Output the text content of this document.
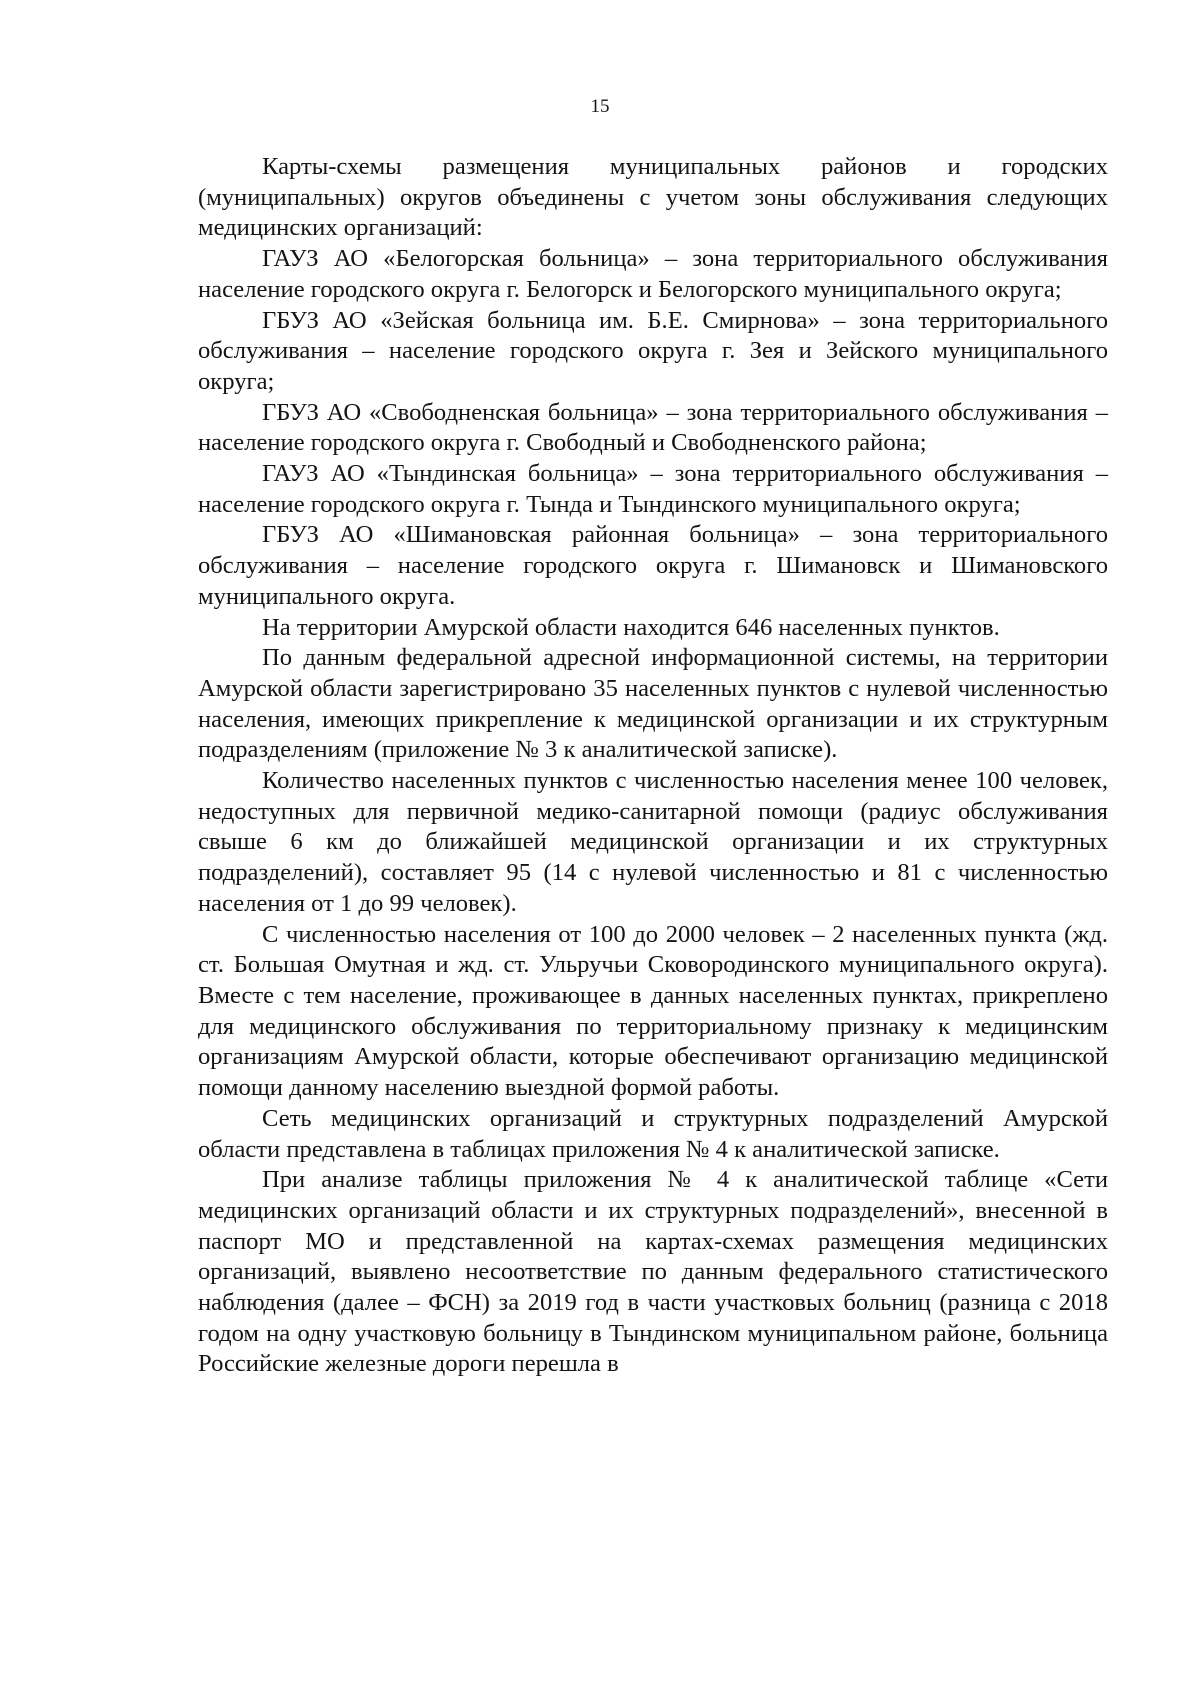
15

Карты-схемы размещения муниципальных районов и городских (муниципальных) округов объединены с учетом зоны обслуживания следующих медицинских организаций:

ГАУЗ АО «Белогорская больница» – зона территориального обслуживания население городского округа г. Белогорск и Белогорского муниципального округа;

ГБУЗ АО «Зейская больница им. Б.Е. Смирнова» – зона территориального обслуживания – население городского округа г. Зея и Зейского муниципального округа;

ГБУЗ АО «Свободненская больница» – зона территориального обслуживания – население городского округа г. Свободный и Свободненского района;

ГАУЗ АО «Тындинская больница» – зона территориального обслуживания – население городского округа г. Тында и Тындинского муниципального округа;

ГБУЗ АО «Шимановская районная больница» – зона территориального обслуживания – население городского округа г. Шимановск и Шимановского муниципального округа.

На территории Амурской области находится 646 населенных пунктов.

По данным федеральной адресной информационной системы, на территории Амурской области зарегистрировано 35 населенных пунктов с нулевой численностью населения, имеющих прикрепление к медицинской организации и их структурным подразделениям (приложение № 3 к аналитической записке).

Количество населенных пунктов с численностью населения менее 100 человек, недоступных для первичной медико-санитарной помощи (радиус обслуживания свыше 6 км до ближайшей медицинской организации и их структурных подразделений), составляет 95 (14 с нулевой численностью и 81 с численностью населения от 1 до 99 человек).

С численностью населения от 100 до 2000 человек – 2 населенных пункта (жд. ст. Большая Омутная и жд. ст. Ульручьи Сковородинского муниципального округа). Вместе с тем население, проживающее в данных населенных пунктах, прикреплено для медицинского обслуживания по территориальному признаку к медицинским организациям Амурской области, которые обеспечивают организацию медицинской помощи данному населению выездной формой работы.

Сеть медицинских организаций и структурных подразделений Амурской области представлена в таблицах приложения № 4 к аналитической записке.

При анализе таблицы приложения № 4 к аналитической таблице «Сети медицинских организаций области и их структурных подразделений», внесенной в паспорт МО и представленной на картах-схемах размещения медицинских организаций, выявлено несоответствие по данным федерального статистического наблюдения (далее – ФСН) за 2019 год в части участковых больниц (разница с 2018 годом на одну участковую больницу в Тындинском муниципальном районе, больница Российские железные дороги перешла в
